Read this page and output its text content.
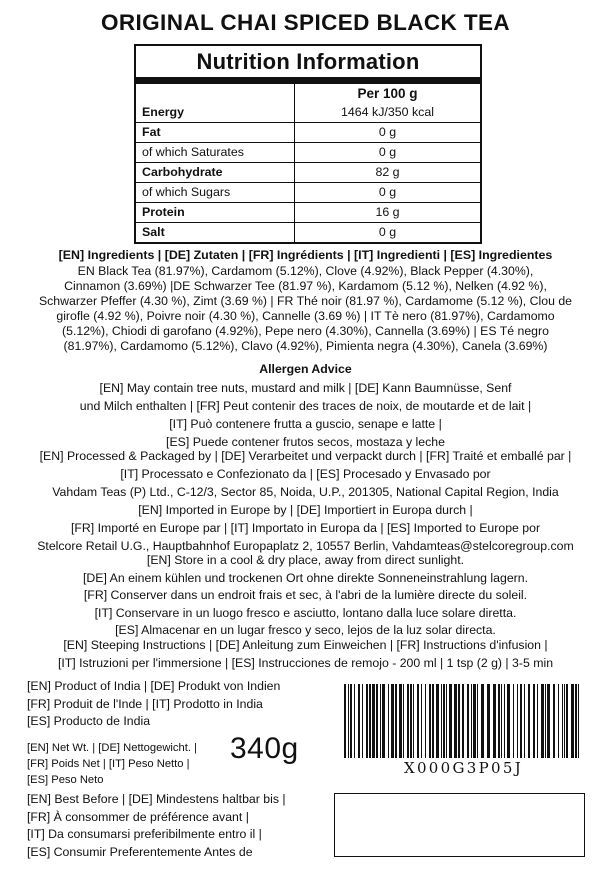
ORIGINAL CHAI SPICED BLACK TEA
Nutrition Information
Per 100 g
Energy	1464 kJ/350 kcal
Fat	0 g
of which Saturates	0 g
Carbohydrate	82 g
of which Sugars	0 g
Protein	16 g
Salt	0 g
[EN] Ingredients | [DE] Zutaten | [FR] Ingrédients | [IT] Ingredienti | [ES] Ingredientes
EN Black Tea (81.97%), Cardamom (5.12%), Clove (4.92%), Black Pepper (4.30%),
Cinnamon (3.69%) |DE Schwarzer Tee (81.97 %), Kardamom (5.12 %), Nelken (4.92 %),
Schwarzer Pfeffer (4.30 %), Zimt (3.69 %) | FR Thé noir (81.97 %), Cardamome (5.12 %), Clou de
girofle (4.92 %), Poivre noir (4.30 %), Cannelle (3.69 %) | IT Tè nero (81.97%), Cardamomo
(5.12%), Chiodi di garofano (4.92%), Pepe nero (4.30%), Cannella (3.69%) | ES Té negro
(81.97%), Cardamomo (5.12%), Clavo (4.92%), Pimienta negra (4.30%), Canela (3.69%)
Allergen Advice
[EN] May contain tree nuts, mustard and milk | [DE] Kann Baumnüsse, Senf
und Milch enthalten | [FR] Peut contenir des traces de noix, de moutarde et de lait |
[IT] Può contenere frutta a guscio, senape e latte |
[ES] Puede contener frutos secos, mostaza y leche
[EN] Processed & Packaged by | [DE] Verarbeitet und verpackt durch | [FR] Traité et emballé par |
[IT] Processato e Confezionato da | [ES] Procesado y Envasado por
Vahdam Teas (P) Ltd., C-12/3, Sector 85, Noida, U.P., 201305, National Capital Region, India
[EN] Imported in Europe by | [DE] Importiert in Europa durch |
[FR] Importé en Europe par | [IT] Importato in Europa da | [ES] Imported to Europe por
Stelcore Retail U.G., Hauptbahnhof Europaplatz 2, 10557 Berlin, Vahdamteas@stelcoregroup.com
[EN] Store in a cool & dry place, away from direct sunlight.
[DE] An einem kühlen und trockenen Ort ohne direkte Sonneneinstrahlung lagern.
[FR] Conserver dans un endroit frais et sec, à l'abri de la lumière directe du soleil.
[IT] Conservare in un luogo fresco e asciutto, lontano dalla luce solare diretta.
[ES] Almacenar en un lugar fresco y seco, lejos de la luz solar directa.
[EN] Steeping Instructions | [DE] Anleitung zum Einweichen | [FR] Instructions d'infusion |
[IT] Istruzioni per l'immersione | [ES] Instrucciones de remojo - 200 ml | 1 tsp (2 g) | 3-5 min
[EN] Product of India | [DE] Produkt von Indien
[FR] Produit de l'Inde | [IT] Prodotto in India
[ES] Producto de India
[EN] Net Wt. | [DE] Nettogewicht. |
[FR] Poids Net | [IT] Peso Netto |
[ES] Peso Neto
340g
X000G3P05J
[EN] Best Before | [DE] Mindestens haltbar bis |
[FR] À consommer de préférence avant |
[IT] Da consumarsi preferibilmente entro il |
[ES] Consumir Preferentemente Antes de
